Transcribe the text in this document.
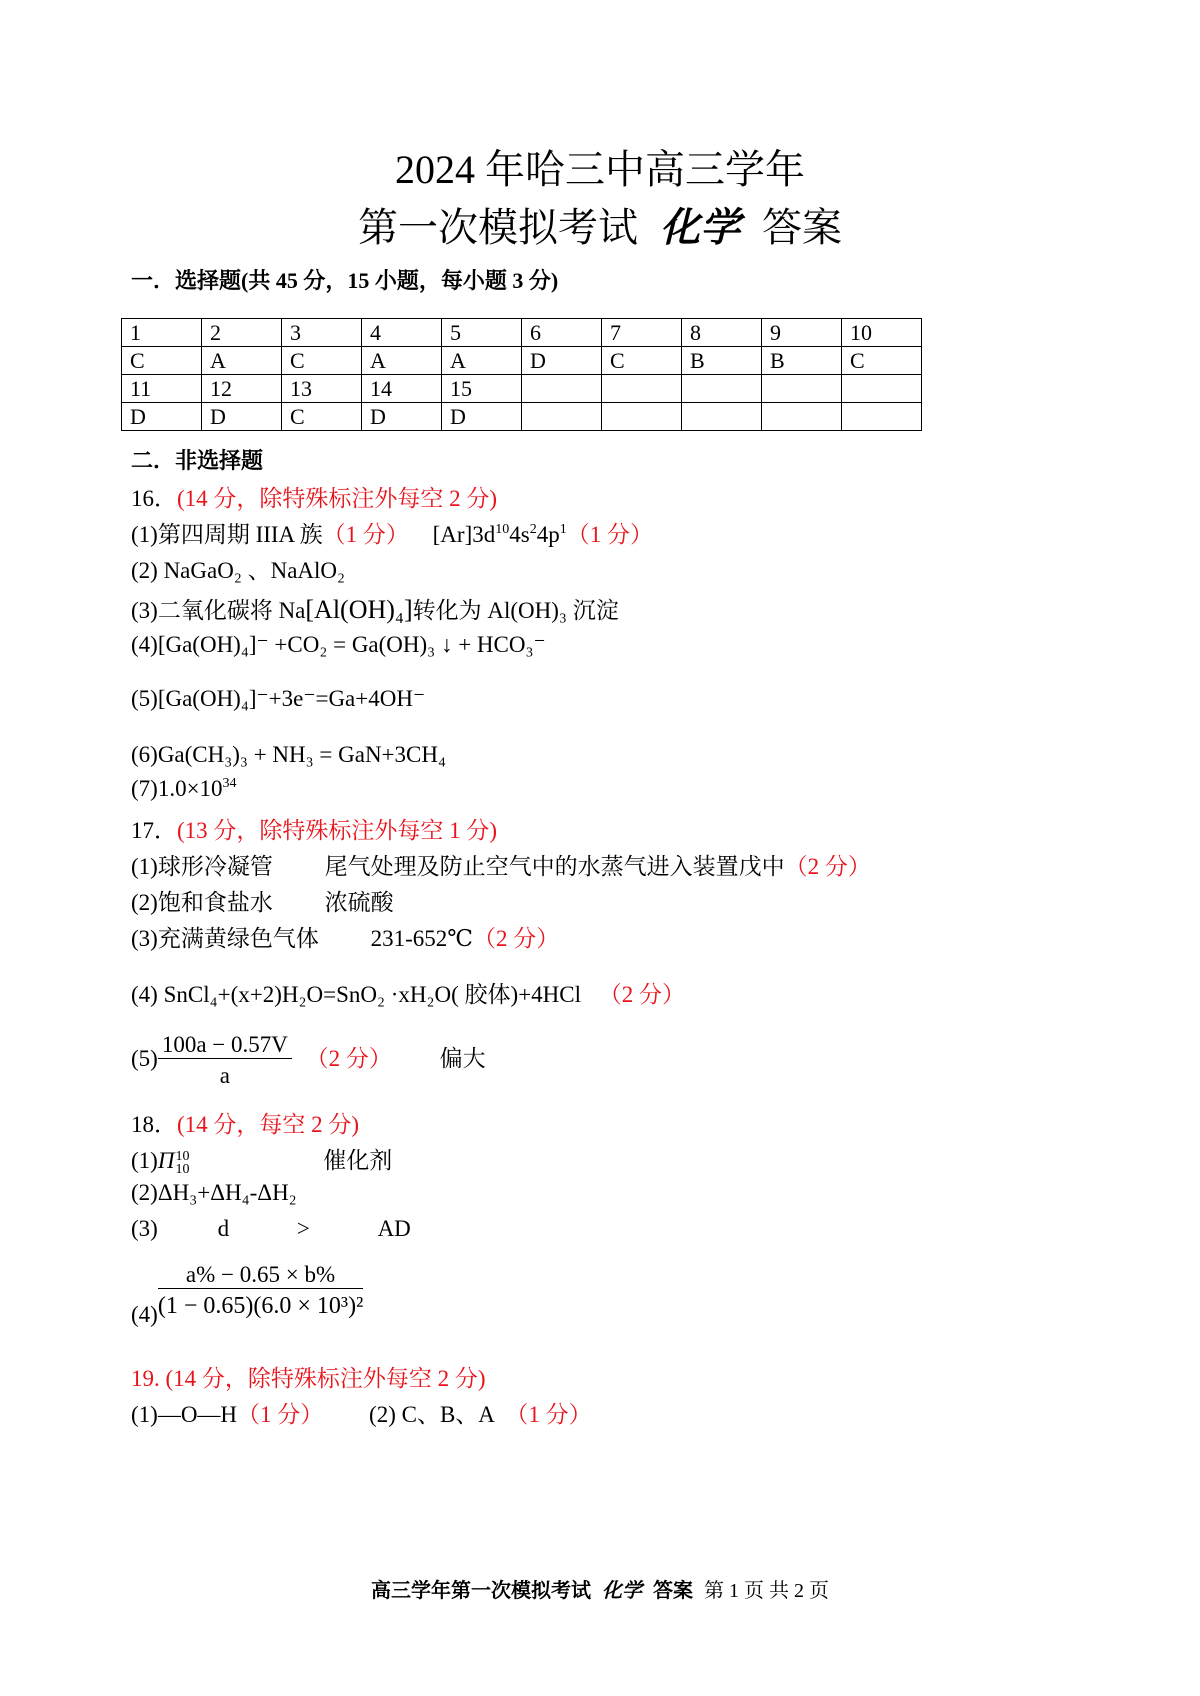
2024 年哈三中高三学年
第一次模拟考试 化学 答案
一．选择题(共 45 分，15 小题，每小题 3 分)
1	2	3	4	5	6	7	8	9	10
C	A	C	A	A	D	C	B	B	C
11	12	13	14	15					
D	D	C	D	D					
二．非选择题
16．(14 分，除特殊标注外每空 2 分)
(1)第四周期 IIIA 族（1 分） $[Ar]3d^{10}4s^24p^1(1$ 分）
(2) NaGaO₂ 、NaAlO₂
(3)二氧化碳将 Na[Al(OH)₄]转化为 Al(OH)₃ 沉淀
(4)[Ga(OH)₄]⁻ +CO₂ = Ga(OH)₃ ↓ + HCO₃⁻
(5)[Ga(OH)₄]⁻+3e⁻=Ga+4OH⁻
(6)Ga(CH₃)₃ + NH₃ = GaN+3CH₄
$(7)1.0\times 10^{34}$
17．(13 分，除特殊标注外每空 1 分)
(1)球形冷凝管 尾气处理及防止空气中的水蒸气进入装置戊中（2 分）
(2)饱和食盐水 浓硫酸
(3)充满黄绿色气体 231-652℃（2 分）
(4) SnCl₄+(x+2)H₂O=SnO₂ ·xH₂O( 胶体)+4HCl （2 分）
$(5) \frac{100a - 0.57V}{a} (2$ 分） 偏大
18．(14 分，每空 2 分)
(1)Π 10
10	催化剂
(2)ΔH₃+ΔH₄-ΔH₂
(3)	d	>	AD
$(4) \frac{a\% - 0.65 \times b\%}{\text{(1 − 0.65)(6.0 × 10³)²}}$
19. (14 分，除特殊标注外每空 2 分)
(1)—O—H（1 分） (2) C、B、A （1 分）
高三学年第一次模拟考试 化学 答案 第 1 页 共 2 页
